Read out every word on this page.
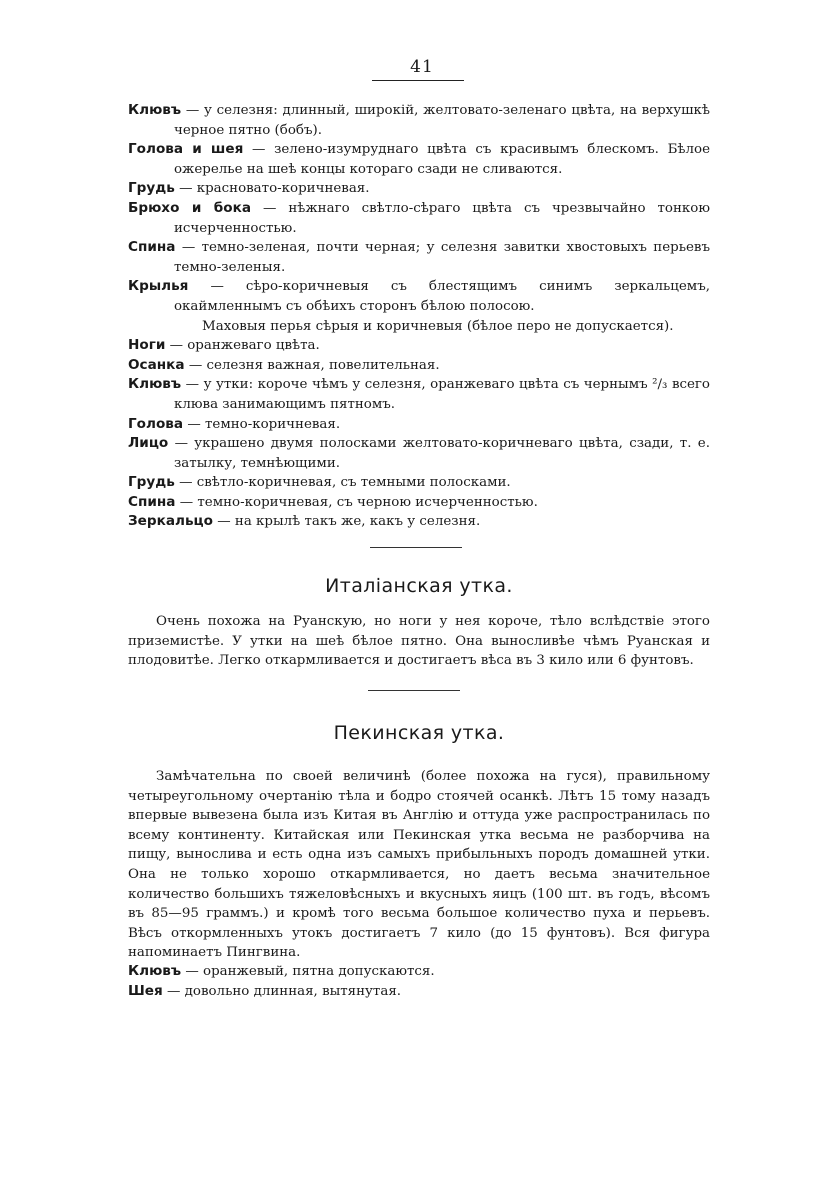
41
Клювъ — у селезня: длинный, широкій, желтовато-зеленаго цвѣта, на верхушкѣ черное пятно (бобъ).
Голова и шея — зелено-изумруднаго цвѣта съ красивымъ блескомъ. Бѣлое ожерелье на шеѣ концы котораго сзади не сливаются.
Грудь — красновато-коричневая.
Брюхо и бока — нѣжнаго свѣтло-сѣраго цвѣта съ чрезвычайно тонкою исчерченностью.
Спина — темно-зеленая, почти черная; у селезня завитки хвостовыхъ перьевъ темно-зеленыя.
Крылья — сѣро-коричневыя съ блестящимъ синимъ зеркальцемъ, окаймленнымъ съ обѣихъ сторонъ бѣлою полосою.
Маховыя перья сѣрыя и коричневыя (бѣлое перо не допускается).
Ноги — оранжеваго цвѣта.
Осанка — селезня важная, повелительная.
Клювъ — у утки: короче чѣмъ у селезня, оранжеваго цвѣта съ чернымъ ²/₃ всего клюва занимающимъ пятномъ.
Голова — темно-коричневая.
Лицо — украшено двумя полосками желтовато-коричневаго цвѣта, сзади, т. е. затылку, темнѣющими.
Грудь — свѣтло-коричневая, съ темными полосками.
Спина — темно-коричневая, съ черною исчерченностью.
Зеркальцо — на крылѣ такъ же, какъ у селезня.
Италіанская утка.
Очень похожа на Руанскую, но ноги у нея короче, тѣло вслѣдствіе этого приземистѣе. У утки на шеѣ бѣлое пятно. Она выносливѣе чѣмъ Руанская и плодовитѣе. Легко откармливается и достигаетъ вѣса въ 3 кило или 6 фунтовъ.
Пекинская утка.
Замѣчательна по своей величинѣ (более похожа на гуся), правильному четыреугольному очертанію тѣла и бодро стоячей осанкѣ. Лѣтъ 15 тому назадъ впервые вывезена была изъ Китая въ Англію и оттуда уже распространилась по всему континенту. Китайская или Пекинская утка весьма не разборчива на пищу, вынослива и есть одна изъ самыхъ прибыльныхъ породъ домашней утки. Она не только хорошо откармливается, но даетъ весьма значительное количество большихъ тяжеловѣсныхъ и вкусныхъ яицъ (100 шт. въ годъ, вѣсомъ въ 85—95 граммъ.) и кромѣ того весьма большое количество пуха и перьевъ. Вѣсъ откормленныхъ утокъ достигаетъ 7 кило (до 15 фунтовъ). Вся фигура напоминаетъ Пингвина.
Клювъ — оранжевый, пятна допускаются.
Шея — довольно длинная, вытянутая.
